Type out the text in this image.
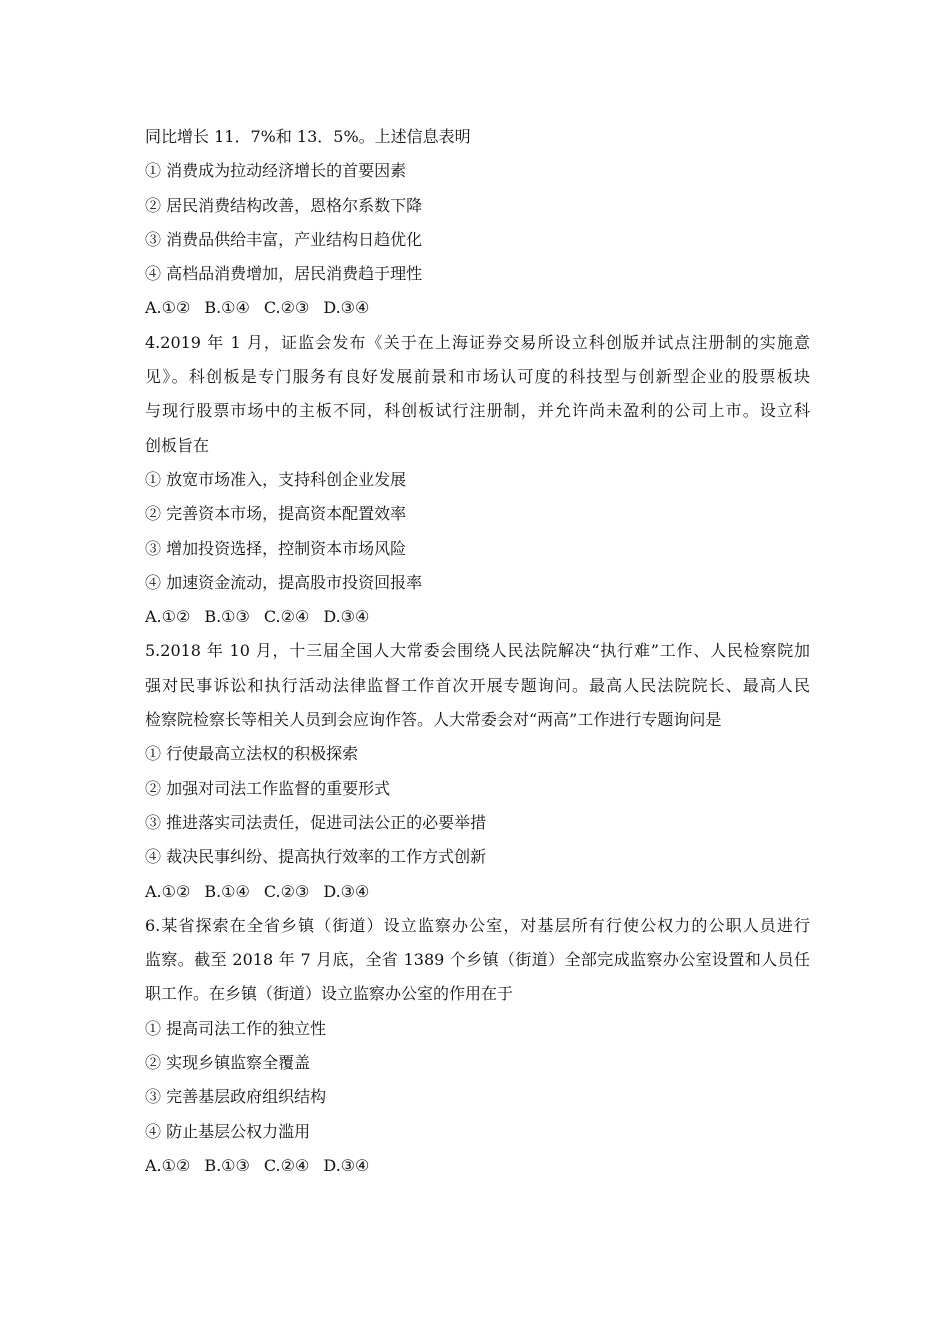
同比增长 11．7%和 13．5%。上述信息表明
① 消费成为拉动经济增长的首要因素
② 居民消费结构改善，恩格尔系数下降
③ 消费品供给丰富，产业结构日趋优化
④ 高档品消费增加，居民消费趋于理性
A.①② B.①④ C.②③ D.③④
4.2019 年 1 月，证监会发布《关于在上海证券交易所设立科创版并试点注册制的实施意
见》。科创板是专门服务有良好发展前景和市场认可度的科技型与创新型企业的股票板块
与现行股票市场中的主板不同，科创板试行注册制，并允许尚未盈利的公司上市。设立科
创板旨在
① 放宽市场准入，支持科创企业发展
② 完善资本市场，提高资本配置效率
③ 增加投资选择，控制资本市场风险
④ 加速资金流动，提高股市投资回报率
A.①② B.①③ C.②④ D.③④
5.2018 年 10 月，十三届全国人大常委会围绕人民法院解决“执行难”工作、人民检察院加
强对民事诉讼和执行活动法律监督工作首次开展专题询问。最高人民法院院长、最高人民
检察院检察长等相关人员到会应询作答。人大常委会对“两高”工作进行专题询问是
① 行使最高立法权的积极探索
② 加强对司法工作监督的重要形式
③ 推进落实司法责任，促进司法公正的必要举措
④ 裁决民事纠纷、提高执行效率的工作方式创新
A.①② B.①④ C.②③ D.③④
6.某省探索在全省乡镇（街道）设立监察办公室，对基层所有行使公权力的公职人员进行
监察。截至 2018 年 7 月底，全省 1389 个乡镇（街道）全部完成监察办公室设置和人员任
职工作。在乡镇（街道）设立监察办公室的作用在于
① 提高司法工作的独立性
② 实现乡镇监察全覆盖
③ 完善基层政府组织结构
④ 防止基层公权力滥用
A.①② B.①③ C.②④ D.③④
